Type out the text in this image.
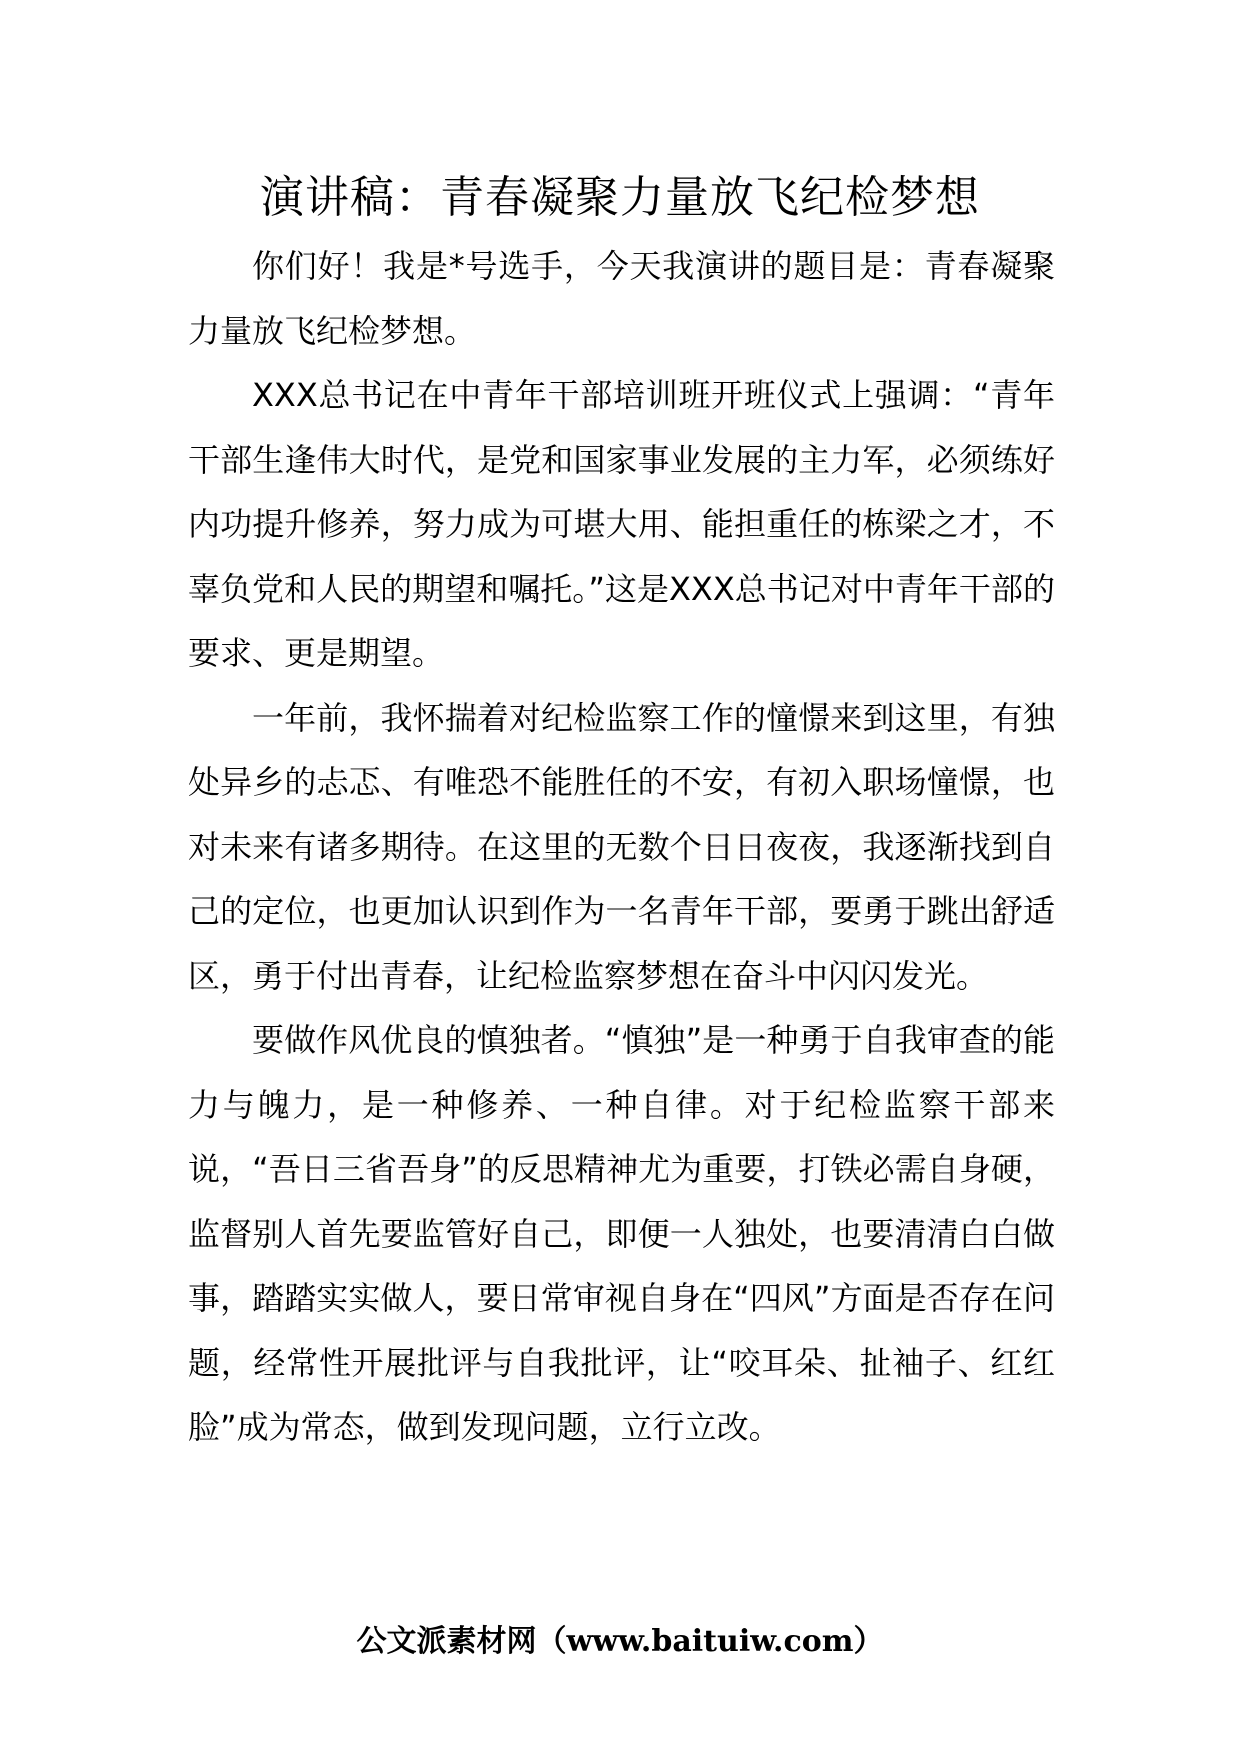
演讲稿：青春凝聚力量放飞纪检梦想

你们好！我是*号选手，今天我演讲的题目是：青春凝聚力量放飞纪检梦想。

XXX总书记在中青年干部培训班开班仪式上强调：“青年干部生逢伟大时代，是党和国家事业发展的主力军，必须练好内功提升修养，努力成为可堪大用、能担重任的栋梁之才，不辜负党和人民的期望和嘱托。”这是XXX总书记对中青年干部的要求、更是期望。

一年前，我怀揣着对纪检监察工作的憧憬来到这里，有独处异乡的忐忑、有唯恐不能胜任的不安，有初入职场憧憬，也对未来有诸多期待。在这里的无数个日日夜夜，我逐渐找到自己的定位，也更加认识到作为一名青年干部，要勇于跳出舒适区，勇于付出青春，让纪检监察梦想在奋斗中闪闪发光。

要做作风优良的慎独者。“慎独”是一种勇于自我审查的能力与魄力，是一种修养、一种自律。对于纪检监察干部来说，“吾日三省吾身”的反思精神尤为重要，打铁必需自身硬，监督别人首先要监管好自己，即便一人独处，也要清清白白做事，踏踏实实做人，要日常审视自身在“四风”方面是否存在问题，经常性开展批评与自我批评，让“咬耳朵、扯袖子、红红脸”成为常态，做到发现问题，立行立改。

公文派素材网（www.baituiw.com）
